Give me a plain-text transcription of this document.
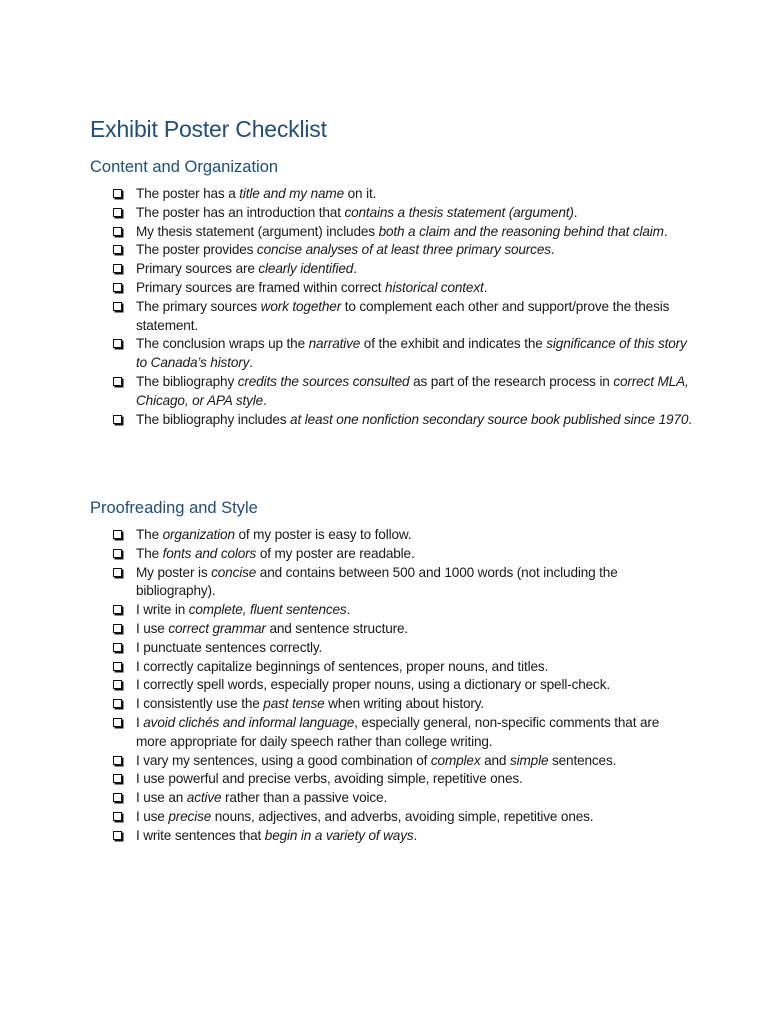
Exhibit Poster Checklist
Content and Organization
The poster has a title and my name on it.
The poster has an introduction that contains a thesis statement (argument).
My thesis statement (argument) includes both a claim and the reasoning behind that claim.
The poster provides concise analyses of at least three primary sources.
Primary sources are clearly identified.
Primary sources are framed within correct historical context.
The primary sources work together to complement each other and support/prove the thesis statement.
The conclusion wraps up the narrative of the exhibit and indicates the significance of this story to Canada’s history.
The bibliography credits the sources consulted as part of the research process in correct MLA, Chicago, or APA style.
The bibliography includes at least one nonfiction secondary source book published since 1970.
Proofreading and Style
The organization of my poster is easy to follow.
The fonts and colors of my poster are readable.
My poster is concise and contains between 500 and 1000 words (not including the bibliography).
I write in complete, fluent sentences.
I use correct grammar and sentence structure.
I punctuate sentences correctly.
I correctly capitalize beginnings of sentences, proper nouns, and titles.
I correctly spell words, especially proper nouns, using a dictionary or spell-check.
I consistently use the past tense when writing about history.
I avoid clichés and informal language, especially general, non-specific comments that are more appropriate for daily speech rather than college writing.
I vary my sentences, using a good combination of complex and simple sentences.
I use powerful and precise verbs, avoiding simple, repetitive ones.
I use an active rather than a passive voice.
I use precise nouns, adjectives, and adverbs, avoiding simple, repetitive ones.
I write sentences that begin in a variety of ways.
